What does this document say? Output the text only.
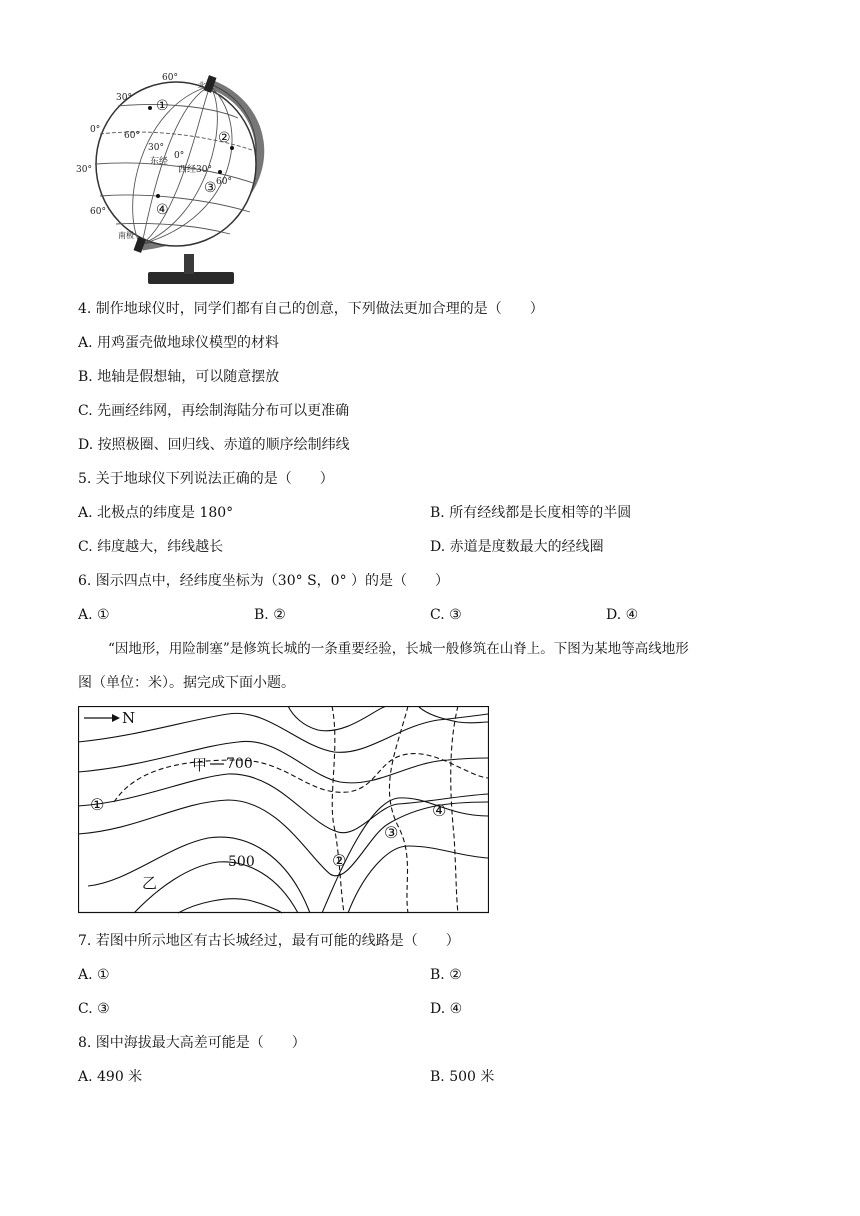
60°
30°
0°
30°
60°
60°
30°
0°
30°
60°
北极
南极
东经
西经
①
②
③
④
4. 制作地球仪时，同学们都有自己的创意，下列做法更加合理的是（　　）
A. 用鸡蛋壳做地球仪模型的材料
B. 地轴是假想轴，可以随意摆放
C. 先画经纬网，再绘制海陆分布可以更准确
D. 按照极圈、回归线、赤道的顺序绘制纬线
5. 关于地球仪下列说法正确的是（　　）
A. 北极点的纬度是 180°	B. 所有经线都是长度相等的半圆
C. 纬度越大，纬线越长	D. 赤道是度数最大的经线圈
6. 图示四点中，经纬度坐标为（30° S，0° ）的是（　　）
A. ①	B. ②	C. ③	D. ④
“因地形，用险制塞”是修筑长城的一条重要经验，长城一般修筑在山脊上。下图为某地等高线地形
图（单位：米）。据完成下面小题。
N
甲 700
500
乙
①
②
③
④
7. 若图中所示地区有古长城经过，最有可能的线路是（　　）
A. ①	B. ②
C. ③	D. ④
8. 图中海拔最大高差可能是（　　）
A. 490 米	B. 500 米
